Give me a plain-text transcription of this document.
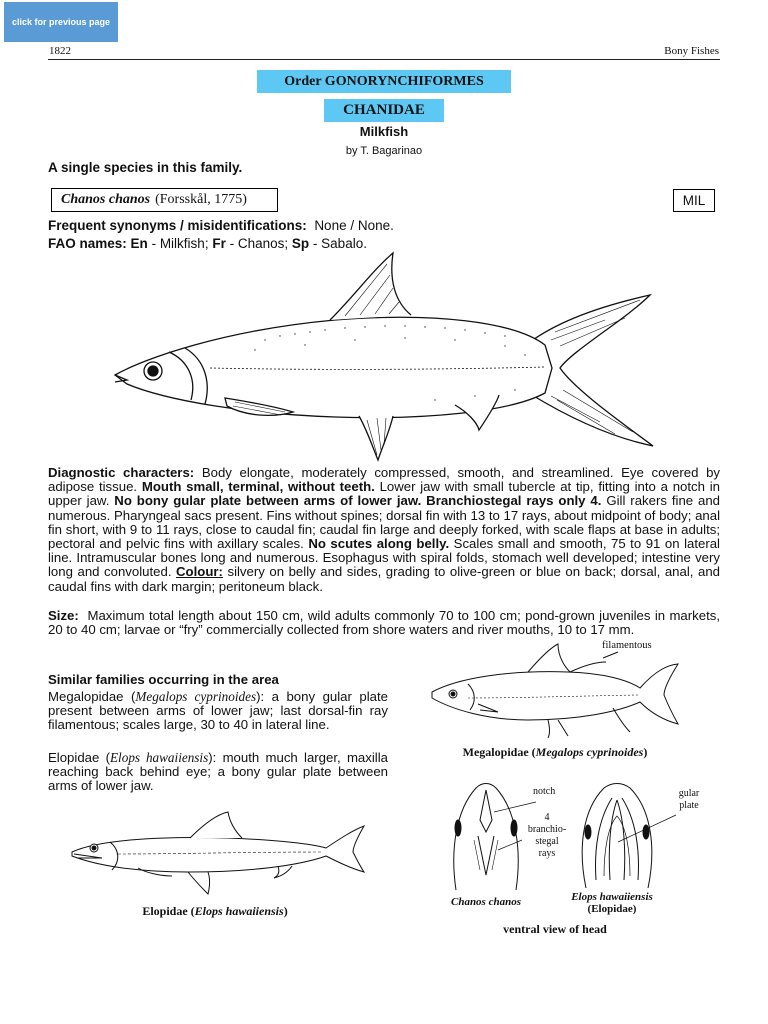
click for previous page
1822	Bony Fishes
Order GONORYNCHIFORMES
CHANIDAE
Milkfish
by T. Bagarinao
A single species in this family.
Chanos chanos (Forsskål, 1775)	MIL
Frequent synonyms / misidentifications: None / None.
FAO names: En - Milkfish; Fr - Chanos; Sp - Sabalo.
Diagnostic characters: Body elongate, moderately compressed, smooth, and streamlined. Eye covered by adipose tissue. Mouth small, terminal, without teeth. Lower jaw with small tubercle at tip, fitting into a notch in upper jaw. No bony gular plate between arms of lower jaw. Branchiostegal rays only 4. Gill rakers fine and numerous. Pharyngeal sacs present. Fins without spines; dorsal fin with 13 to 17 rays, about midpoint of body; anal fin short, with 9 to 11 rays, close to caudal fin; caudal fin large and deeply forked, with scale flaps at base in adults; pectoral and pelvic fins with axillary scales. No scutes along belly. Scales small and smooth, 75 to 91 on lateral line. Intramuscular bones long and numerous. Esophagus with spiral folds, stomach well developed; intestine very long and convoluted. Colour: silvery on belly and sides, grading to olive-green or blue on back; dorsal, anal, and caudal fins with dark margin; peritoneum black.
Size: Maximum total length about 150 cm, wild adults commonly 70 to 100 cm; pond-grown juveniles in markets, 20 to 40 cm; larvae or “fry” commercially collected from shore waters and river mouths, 10 to 17 mm.
Similar families occurring in the area
Megalopidae (Megalops cyprinoides): a bony gular plate present between arms of lower jaw; last dorsal-fin ray filamentous; scales large, 30 to 40 in lateral line.
Elopidae (Elops hawaiiensis): mouth much larger, maxilla reaching back behind eye; a bony gular plate between arms of lower jaw.
filamentous
Megalopidae (Megalops cyprinoides)
Elopidae (Elops hawaiiensis)
notch
4
branchio-
stegal
rays
gular
plate
Chanos chanos	Elops hawaiiensis
(Elopidae)
ventral view of head
